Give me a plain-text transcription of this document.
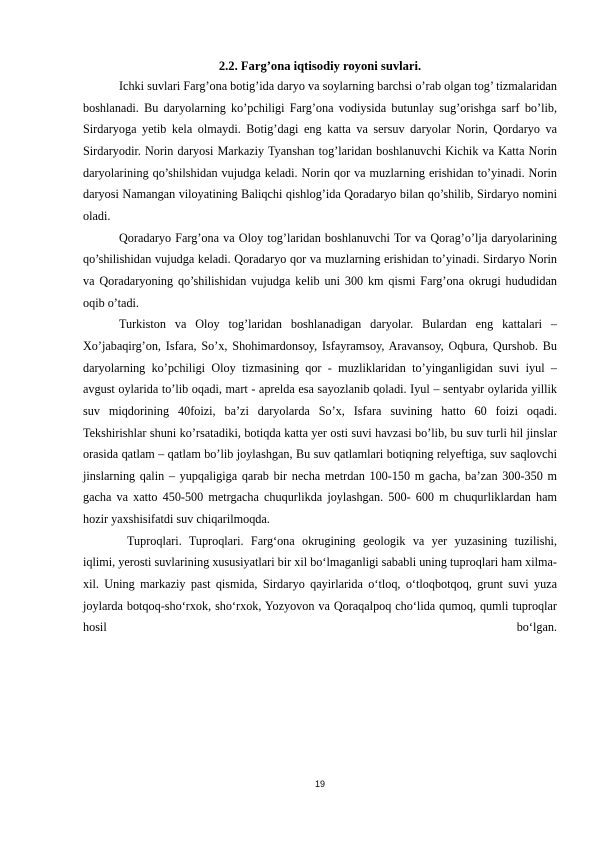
2.2. Farg’ona iqtisodiy royoni suvlari.

Ichki suvlari Farg’ona botig’ida daryo va soylarning barchsi o’rab olgan tog’ tizmalaridan boshlanadi. Bu daryolarning ko’pchiligi Farg’ona vodiysida butunlay sug’orishga sarf bo’lib, Sirdaryoga yetib kela olmaydi. Botig’dagi eng katta va sersuv daryolar Norin, Qordaryo va Sirdaryodir. Norin daryosi Markaziy Tyanshan tog’laridan boshlanuvchi Kichik va Katta Norin daryolarining qo’shilshidan vujudga keladi. Norin qor va muzlarning erishidan to’yinadi. Norin daryosi Namangan viloyatining Baliqchi qishlog’ida Qoradaryo bilan qo’shilib, Sirdaryo nomini oladi.

Qoradaryo Farg’ona va Oloy tog’laridan boshlanuvchi Tor va Qorag’o’lja daryolarining qo’shilishidan vujudga keladi. Qoradaryo qor va muzlarning erishidan to’yinadi. Sirdaryo Norin va Qoradaryoning qo’shilishidan vujudga kelib uni 300 km qismi Farg’ona okrugi hududidan oqib o’tadi.

Turkiston va Oloy tog’laridan boshlanadigan daryolar. Bulardan eng kattalari – Xo’jabaqirg’on, Isfara, So’x, Shohimardonsoy, Isfayramsoy, Aravansoy, Oqbura, Qurshob. Bu daryolarning ko’pchiligi Oloy tizmasining qor - muzliklaridan to’yinganligidan suvi iyul – avgust oylarida to’lib oqadi, mart - aprelda esa sayozlanib qoladi. Iyul – sentyabr oylarida yillik suv miqdorining 40foizi, ba’zi daryolarda So’x, Isfara suvining hatto 60 foizi oqadi. Tekshirishlar shuni ko’rsatadiki, botiqda katta yer osti suvi havzasi bo’lib, bu suv turli hil jinslar orasida qatlam – qatlam bo’lib joylashgan, Bu suv qatlamlari botiqning relyeftiga, suv saqlovchi jinslarning qalin – yupqaligiga qarab bir necha metrdan 100-150 m gacha, ba’zan 300-350 m gacha va xatto 450-500 metrgacha chuqurlikda joylashgan. 500- 600 m chuqurliklardan ham hozir yaxshisifatdi suv chiqarilmoqda.

Tuproqlari. Tuproqlari. Farg‘ona okrugining geologik va yer yuzasining tuzilishi, iqlimi, yerosti suvlarining xususiyatlari bir xil bo‘lmaganligi sababli uning tuproqlari ham xilma-xil. Uning markaziy past qismida, Sirdaryo qayirlarida o‘tloq, o‘tloqbotqoq, grunt suvi yuza joylarda botqoq-sho‘rxok, sho‘rxok, Yozyovon va Qoraqalpoq cho‘lida qumoq, qumli tuproqlar hosil bo‘lgan.

19
